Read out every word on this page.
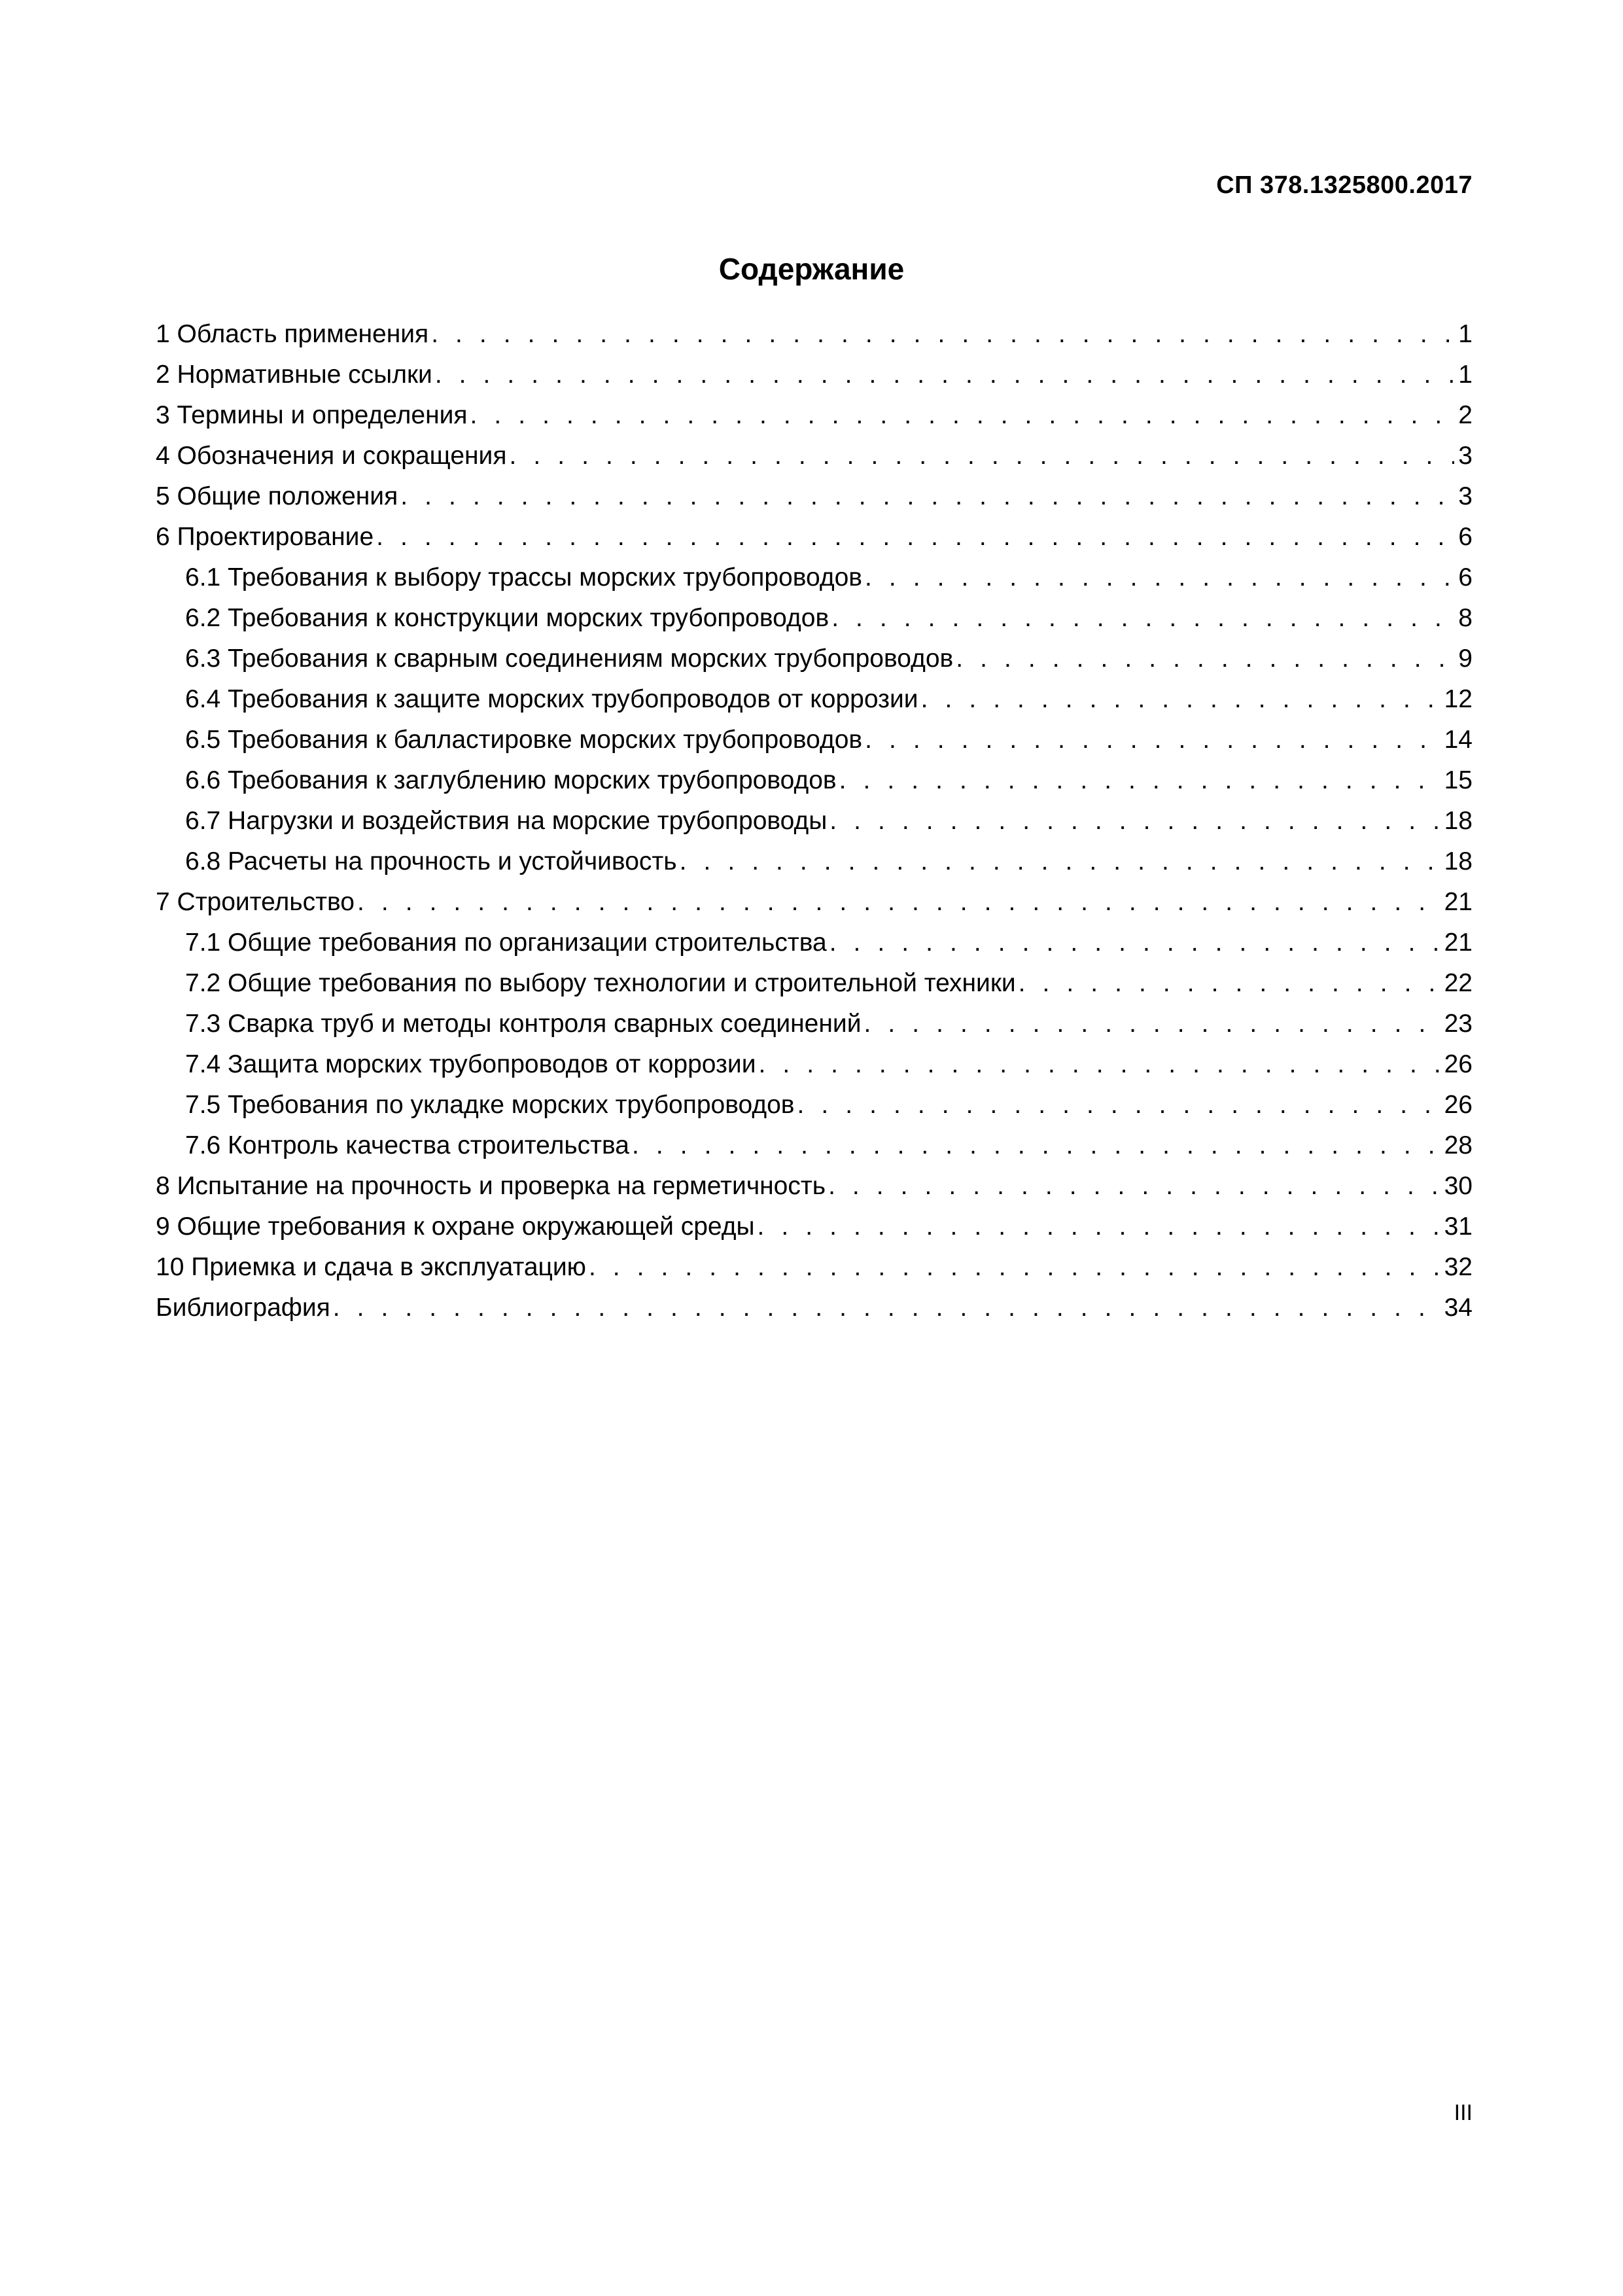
СП 378.1325800.2017
Содержание
1 Область применения . . .	1
2 Нормативные ссылки . . .	1
3 Термины и определения . . .	2
4 Обозначения и сокращения . . .	3
5 Общие положения . . .	3
6 Проектирование . . .	6
6.1 Требования к выбору трассы морских трубопроводов . . .	6
6.2 Требования к конструкции морских трубопроводов . . .	8
6.3 Требования к сварным соединениям морских трубопроводов . . .	9
6.4 Требования к защите морских трубопроводов от коррозии . . .	12
6.5 Требования к балластировке морских трубопроводов . . .	14
6.6 Требования к заглублению морских трубопроводов . . .	15
6.7 Нагрузки и воздействия на морские трубопроводы . . .	18
6.8 Расчеты на прочность и устойчивость . . .	18
7 Строительство . . .	21
7.1 Общие требования по организации строительства . . .	21
7.2 Общие требования по выбору технологии и строительной техники . . .	22
7.3 Сварка труб и методы контроля сварных соединений . . .	23
7.4 Защита морских трубопроводов от коррозии . . .	26
7.5 Требования по укладке морских трубопроводов . . .	26
7.6 Контроль качества строительства . . .	28
8 Испытание на прочность и проверка на герметичность . . .	30
9 Общие требования к охране окружающей среды . . .	31
10 Приемка и сдача в эксплуатацию . . .	32
Библиография . . .	34
III
